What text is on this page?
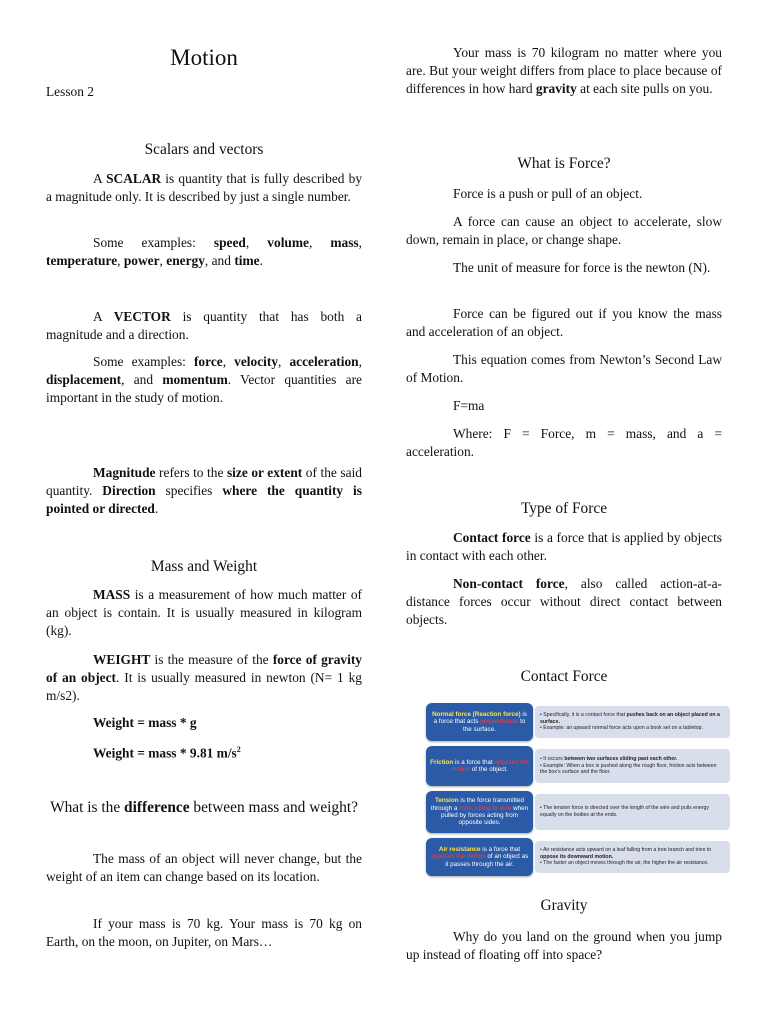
Motion

Lesson 2

Scalars and vectors

A SCALAR is quantity that is fully described by a magnitude only. It is described by just a single number.

Some examples: speed, volume, mass, temperature, power, energy, and time.

A VECTOR is quantity that has both a magnitude and a direction.

Some examples: force, velocity, acceleration, displacement, and momentum. Vector quantities are important in the study of motion.

Magnitude refers to the size or extent of the said quantity. Direction specifies where the quantity is pointed or directed.

Mass and Weight

MASS is a measurement of how much matter of an object is contain. It is usually measured in kilogram (kg).

WEIGHT is the measure of the force of gravity of an object. It is usually measured in newton (N= 1 kg m/s2).

Weight = mass * g

Weight = mass * 9.81 $m/s^2$

What is the difference between mass and weight?

The mass of an object will never change, but the weight of an item can change based on its location.

If your mass is 70 kg. Your mass is 70 kg on Earth, on the moon, on Jupiter, on Mars…

Your mass is 70 kilogram no matter where you are. But your weight differs from place to place because of differences in how hard gravity at each site pulls on you.

What is Force?

Force is a push or pull of an object.

A force can cause an object to accelerate, slow down, remain in place, or change shape.

The unit of measure for force is the newton (N).

Force can be figured out if you know the mass and acceleration of an object.

This equation comes from Newton’s Second Law of Motion.

F=ma

Where: F = Force, m = mass, and a = acceleration.

Type of Force

Contact force is a force that is applied by objects in contact with each other.

Non-contact force, also called action-at-a-distance forces occur without direct contact between objects.

Contact Force

Gravity

Why do you land on the ground when you jump up instead of floating off into space?

Normal force (Reaction force) is a force that acts perpendicular to the surface.
• Specifically, it is a contact force that pushes back on an object placed on a surface.
• Example: an upward normal force acts upon a book set on a tabletop.
Friction is a force that opposes the motion of the object.
• It occurs between two surfaces sliding past each other.
• Example: When a box is pushed along the rough floor, friction acts between the box’s surface and the floor.
Tension is the force transmitted through a rope, string or wire when pulled by forces acting from opposite sides.
• The tension force is directed over the length of the wire and pulls energy equally on the bodies at the ends.
Air resistance is a force that opposes the motion of an object as it passes through the air.
• Air resistance acts upward on a leaf falling from a tree branch and tries to oppose its downward motion.
• The faster an object moves through the air, the higher the air resistance.
